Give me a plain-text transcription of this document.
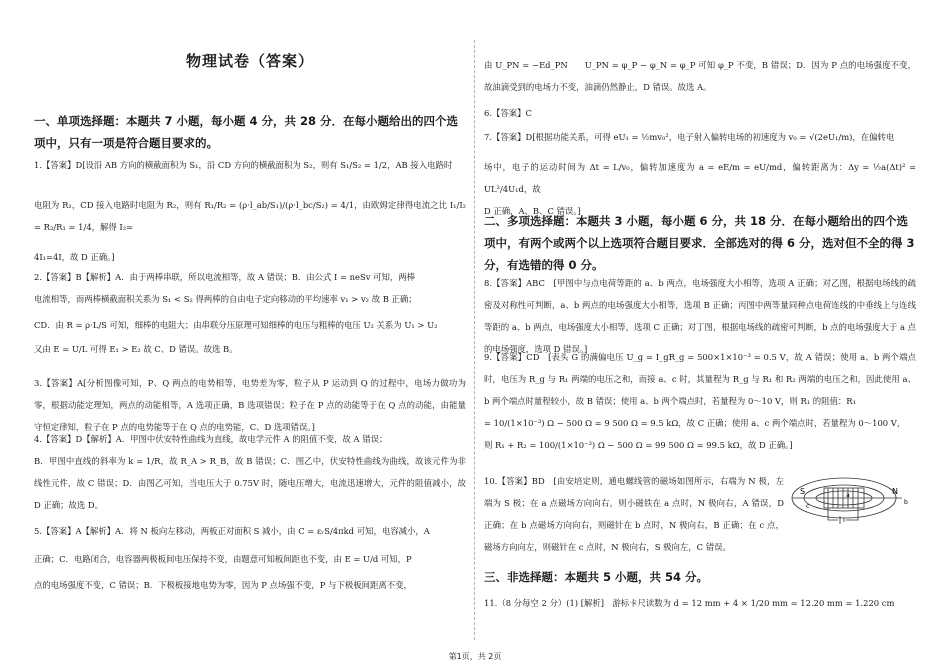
物理试卷（答案）

一、单项选择题：本题共 7 小题，每小题 4 分，共 28 分．在每小题给出的四个选项中，只有一项是符合题目要求的。

1.【答案】D[设沿 AB 方向的横截面积为 S₁，沿 CD 方向的横截面积为 S₂，则有 S₁/S₂ = 1/2，AB 接入电路时

电阻为 R₁，CD 接入电路时电阻为 R₂，则有 R₁/R₂ = (ρ·l_ab/S₁)/(ρ·l_bc/S₂) = 4/1，由欧姆定律得电流之比 I₁/I₂ = R₂/R₁ = 1/4，解得 I₂=

4I₁=4I，故 D 正确。]

2.【答案】B【解析】A．由于两棒串联，所以电流相等，故 A 错误；B．由公式 I = neSv 可知，两棒

电流相等，而两棒横截面积关系为 S₁ < S₂ 得两棒的自由电子定向移动的平均速率 v₁ > v₂ 故 B 正确；

CD．由 R = ρ·L/S 可知，细棒的电阻大；由串联分压原理可知细棒的电压与粗棒的电压 U₂ 关系为 U₁ > U₂

又由 E = U/L 可得 E₁ > E₂ 故 C、D 错误。故选 B。

3.【答案】A[分析图像可知，P、Q 两点的电势相等，电势差为零，粒子从 P 运动到 Q 的过程中，电场力做功为零，根据动能定理知，两点的动能相等，A 选项正确，B 选项错误；粒子在 P 点的动能等于在 Q 点的动能，由能量守恒定律知，粒子在 P 点的电势能等于在 Q 点的电势能，C、D 选项错误。]

4.【答案】D【解析】A．甲图中伏安特性曲线为直线，故电学元件 A 的阻值不变，故 A 错误；

B．甲图中直线的斜率为 k = 1/R，故 R_A > R_B，故 B 错误；C．图乙中，伏安特性曲线为曲线，故该元件为非线性元件，故 C 错误；D．由图乙可知，当电压大于 0.75V 时，随电压增大，电流迅速增大，元件的阻值减小，故 D 正确；故选 D。

5.【答案】A【解析】A．将 N 板向左移动，两板正对面积 S 减小，由 C = εᵣS/4πkd 可知，电容减小，A

正确；C．电路闭合，电容器两极板间电压保持不变，由题意可知板间距也不变，由 E = U/d 可知，P

点的电场强度不变，C 错误；B．下极板接地电势为零，因为 P 点场强不变，P 与下极板间距离不变，

由 U_PN = −Ed_PN　　U_PN = φ_P − φ_N = φ_P 可知 φ_P 不变，B 错误；D．因为 P 点的电场强度不变，故油滴受到的电场力不变，油滴仍然静止，D 错误。故选 A。

6.【答案】C

7.【答案】D[根据功能关系，可得 eU₁ = ½mv₀²，电子射入偏转电场的初速度为 v₀ = √(2eU₁/m)，在偏转电

场中，电子的运动时间为 Δt = L/v₀，偏转加速度为 a = eE/m = eU/md，偏转距离为：Δy = ½a(Δt)² = UL²/4U₁d，故

D 正确，A、B、C 错误。]

二、多项选择题：本题共 3 小题，每小题 6 分，共 18 分．在每小题给出的四个选项中，有两个或两个以上选项符合题目要求．全部选对的得 6 分，选对但不全的得 3 分，有选错的得 0 分。

8.【答案】ABC　[甲图中与点电荷等距的 a、b 两点，电场强度大小相等，选项 A 正确；对乙图，根据电场线的疏密及对称性可判断，a、b 两点的电场强度大小相等，选项 B 正确；丙图中两等量同种点电荷连线的中垂线上与连线等距的 a、b 两点，电场强度大小相等，选项 C 正确；对丁图，根据电场线的疏密可判断，b 点的电场强度大于 a 点的电场强度，选项 D 错误。]

9.【答案】CD　[表头 G 的满偏电压 U_g = I_gR_g = 500×1×10⁻³ = 0.5 V，故 A 错误；使用 a、b 两个端点时，电压为 R_g 与 R₁ 两端的电压之和，而接 a、c 时，其量程为 R_g 与 R₁ 和 R₂ 两端的电压之和，因此使用 a、b 两个端点时量程较小，故 B 错误；使用 a、b 两个端点时，若量程为 0～10 V，则 R₁ 的阻值：R₁

= 10/(1×10⁻³) Ω − 500 Ω = 9 500 Ω = 9.5 kΩ，故 C 正确；使用 a、c 两个端点时，若量程为 0～100 V，

则 R₁ + R₂ = 100/(1×10⁻³) Ω − 500 Ω = 99 500 Ω = 99.5 kΩ，故 D 正确。]

10.【答案】BD　[由安培定则，通电螺线管的磁场如图所示，右端为 N 极，左端为 S 极；在 a 点磁场方向向右，则小磁铁在 a 点时，N 极向右，A 错误，D 正确；在 b 点磁场方向向右，则磁针在 b 点时，N 极向右，B 正确；在 c 点，磁场方向向左，则磁针在 c 点时，N 极向右，S 极向左，C 错误。

S	N
a
b
c

三、非选择题：本题共 5 小题，共 54 分。

11.（8 分每空 2 分）(1) [解析]　游标卡尺读数为 d = 12 mm + 4 × 1/20 mm = 12.20 mm = 1.220 cm

第1页，共 2页
